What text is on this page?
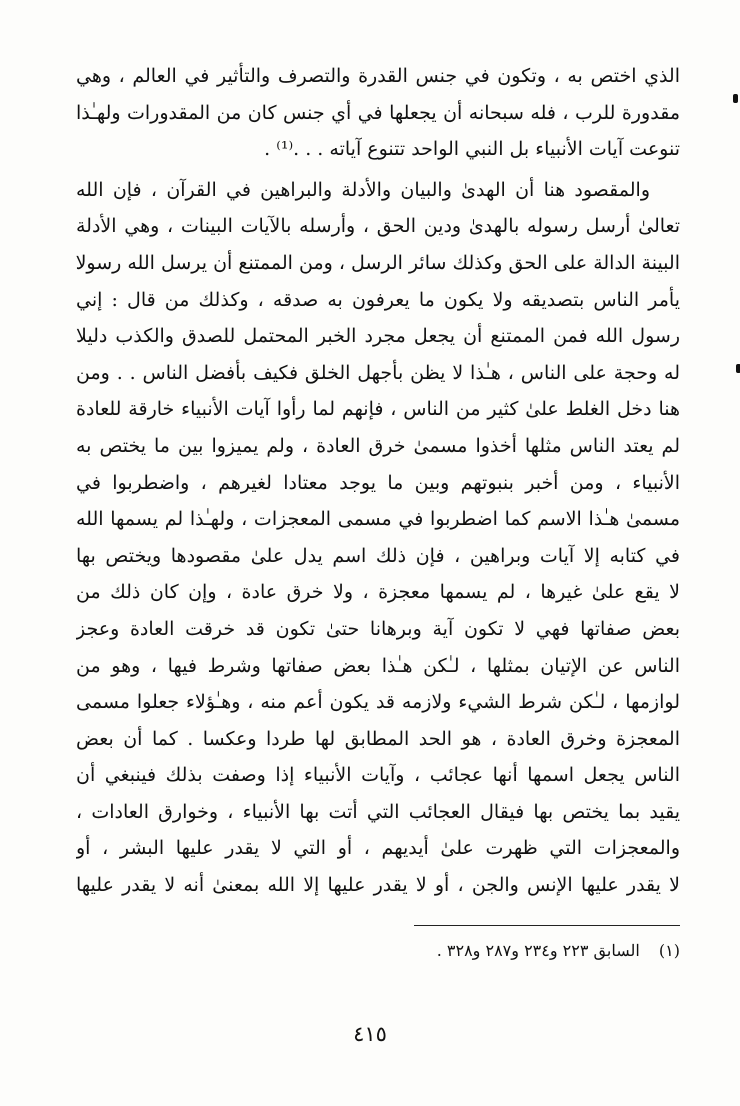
الذي اختص به ، وتكون في جنس القدرة والتصرف والتأثير في العالم ، وهي
مقدورة للرب ، فله سبحانه أن يجعلها في أي جنس كان من المقدورات ولهـٰذا
تنوعت آيات الأنبياء بل النبي الواحد تتنوع آياته . . .⁽¹⁾ .

والمقصود هنا أن الهدىٰ والبيان والأدلة والبراهين في القرآن ، فإن الله
تعالىٰ أرسل رسوله بالهدىٰ ودين الحق ، وأرسله بالآيات البينات ، وهي الأدلة
البينة الدالة على الحق وكذلك سائر الرسل ، ومن الممتنع أن يرسل الله رسولا
يأمر الناس بتصديقه ولا يكون ما يعرفون به صدقه ، وكذلك من قال : إني
رسول الله فمن الممتنع أن يجعل مجرد الخبر المحتمل للصدق والكذب دليلا
له وحجة على الناس ، هـٰذا لا يظن بأجهل الخلق فكيف بأفضل الناس . . ومن
هنا دخل الغلط علىٰ كثير من الناس ، فإنهم لما رأوا آيات الأنبياء خارقة للعادة
لم يعتد الناس مثلها أخذوا مسمىٰ خرق العادة ، ولم يميزوا بين ما يختص به
الأنبياء ، ومن أخبر بنبوتهم وبين ما يوجد معتادا لغيرهم ، واضطربوا في
مسمىٰ هـٰذا الاسم كما اضطربوا في مسمى المعجزات ، ولهـٰذا لم يسمها الله
في كتابه إلا آيات وبراهين ، فإن ذلك اسم يدل علىٰ مقصودها ويختص بها
لا يقع علىٰ غيرها ، لم يسمها معجزة ، ولا خرق عادة ، وإن كان ذلك من
بعض صفاتها فهي لا تكون آية وبرهانا حتىٰ تكون قد خرقت العادة وعجز
الناس عن الإتيان بمثلها ، لـٰكن هـٰذا بعض صفاتها وشرط فيها ، وهو من
لوازمها ، لـٰكن شرط الشيء ولازمه قد يكون أعم منه ، وهـٰؤلاء جعلوا مسمى
المعجزة وخرق العادة ، هو الحد المطابق لها طردا وعكسا . كما أن بعض
الناس يجعل اسمها أنها عجائب ، وآيات الأنبياء إذا وصفت بذلك فينبغي أن
يقيد بما يختص بها فيقال العجائب التي أتت بها الأنبياء ، وخوارق العادات ،
والمعجزات التي ظهرت علىٰ أيديهم ، أو التي لا يقدر عليها البشر ، أو
لا يقدر عليها الإنس والجن ، أو لا يقدر عليها إلا الله بمعنىٰ أنه لا يقدر عليها

(١) السابق ٢٢٣ و٢٣٤ و٢٨٧ و٣٢٨ .
٤١٥
